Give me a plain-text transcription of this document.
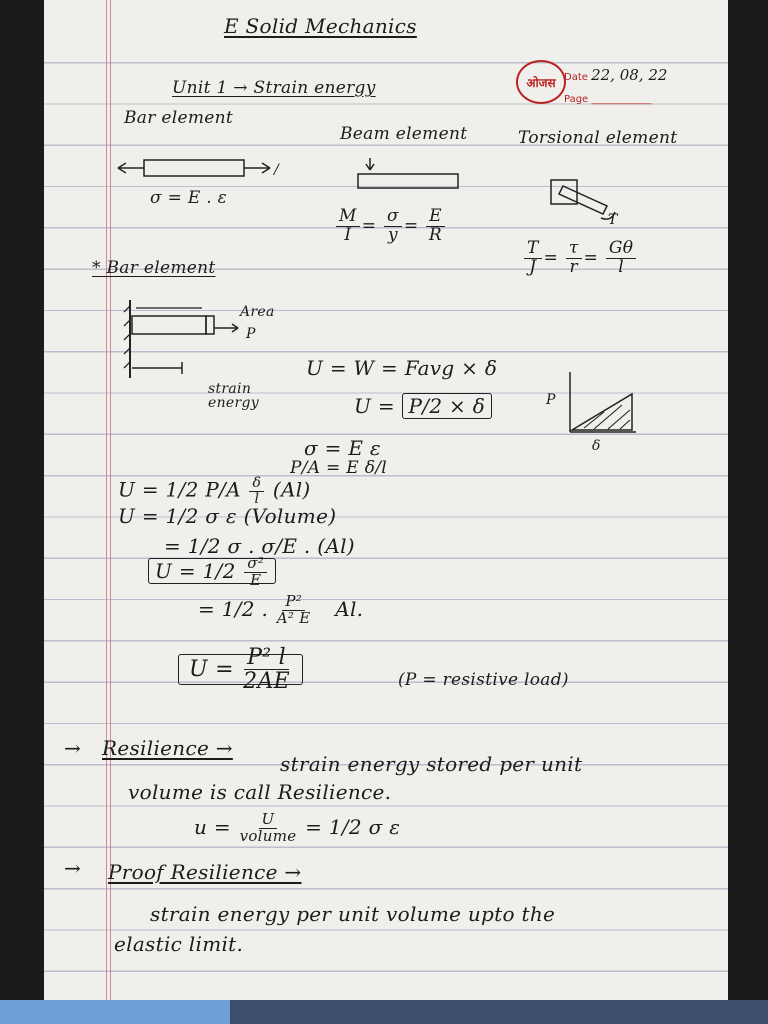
E Solid Mechanics
ओजस Date 22, 08, 22
Page ____________
Unit 1 → Strain energy
Bar element
Beam element	Torsional element
/
σ = E . ε
$\frac{M}{I} = \frac{\sigma}{y} = \frac{E}{R}$	T
$\frac{T}{J} = \frac{\tau}{r} = \frac{G\theta}{l}$
* Bar element
Area
P
strain energy
U = W = Favg × δ
U = P/2 × δ	P
δ
σ = E ε
P/A = E δ/l
U = 1/2 $P/A \frac{\delta}{l} (Al)$
U = 1/2 σ ε (Volume)
= 1/2 σ . σ/E . (Al)
$U = 1/2 \frac{\text{σ²}}{E}$
= 1/2 . $\frac{\text{P²}}{\text{A² E}} Al$.
$U = \frac{\text{P² l}}{2AE}$	(P = resistive load)
→ Resilience →
strain energy stored per unit
volume is call Resilience.
$u = \frac{U}{\text{volume}} = 1/2$ σ ε
→ Proof Resilience →
strain energy per unit volume upto the
elastic limit.
